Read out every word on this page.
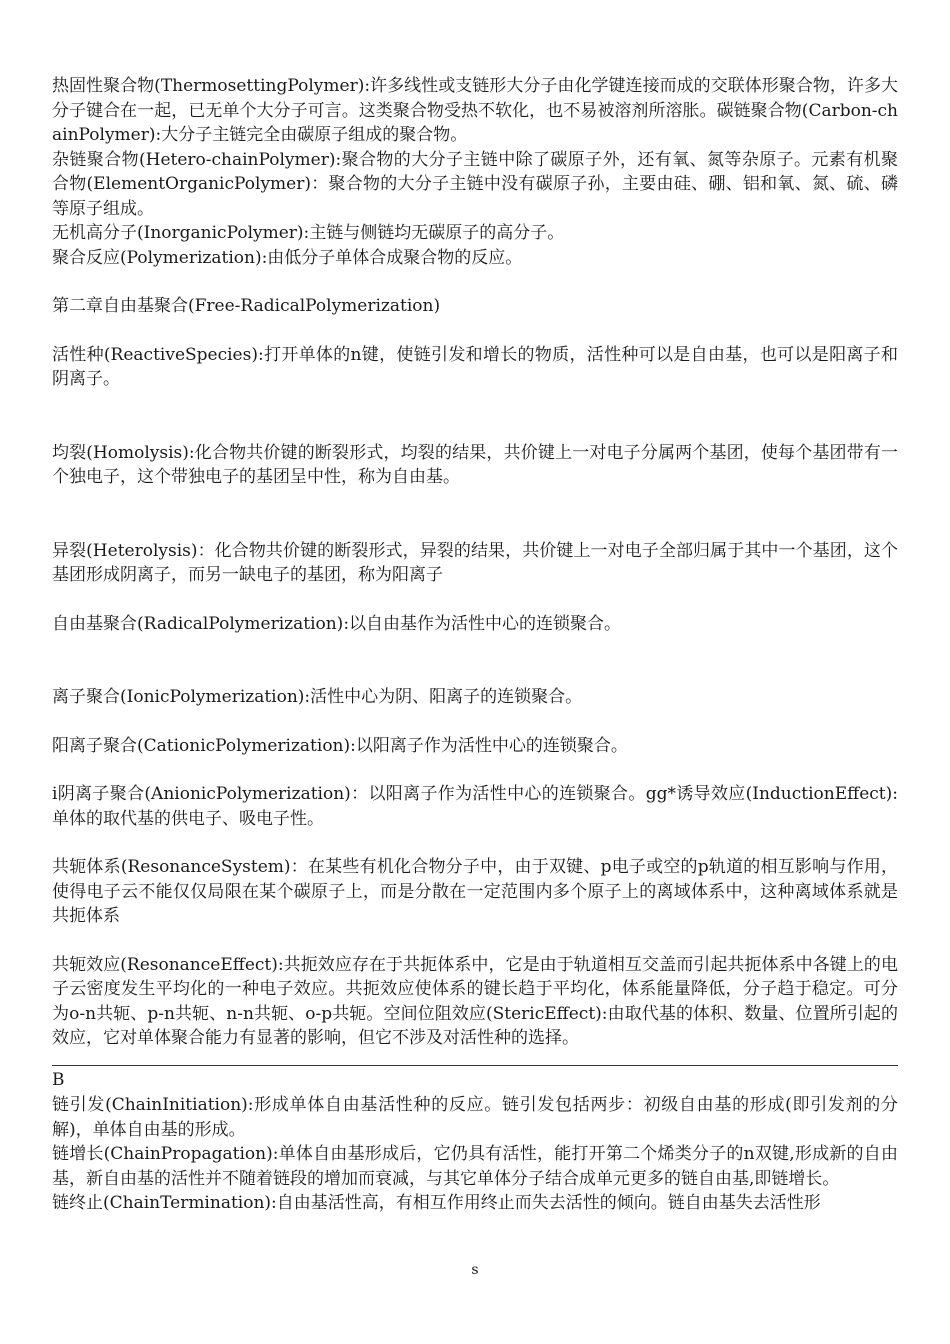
热固性聚合物(ThermosettingPolymer):许多线性或支链形大分子由化学键连接而成的交联体形聚合物，许多大分子键合在一起，已无单个大分子可言。这类聚合物受热不软化，也不易被溶剂所溶胀。碳链聚合物(Carbon-chainPolymer):大分子主链完全由碳原子组成的聚合物。

杂链聚合物(Hetero-chainPolymer):聚合物的大分子主链中除了碳原子外，还有氧、氮等杂原子。元素有机聚合物(ElementOrganicPolymer)：聚合物的大分子主链中没有碳原子孙，主要由硅、硼、铝和氧、氮、硫、磷等原子组成。

无机高分子(InorganicPolymer):主链与侧链均无碳原子的高分子。

聚合反应(Polymerization):由低分子单体合成聚合物的反应。

第二章自由基聚合(Free-RadicalPolymerization)

活性种(ReactiveSpecies):打开单体的n键，使链引发和增长的物质，活性种可以是自由基，也可以是阳离子和阴离子。

均裂(Homolysis):化合物共价键的断裂形式，均裂的结果，共价键上一对电子分属两个基团，使每个基团带有一个独电子，这个带独电子的基团呈中性，称为自由基。

异裂(Heterolysis)：化合物共价键的断裂形式，异裂的结果，共价键上一对电子全部归属于其中一个基团，这个基团形成阴离子，而另一缺电子的基团，称为阳离子

自由基聚合(RadicalPolymerization):以自由基作为活性中心的连锁聚合。

离子聚合(IonicPolymerization):活性中心为阴、阳离子的连锁聚合。

阳离子聚合(CationicPolymerization):以阳离子作为活性中心的连锁聚合。

i阴离子聚合(AnionicPolymerization)：以阳离子作为活性中心的连锁聚合。gg*诱导效应(InductionEffect):单体的取代基的供电子、吸电子性。

共轭体系(ResonanceSystem)：在某些有机化合物分子中，由于双键、p电子或空的p轨道的相互影响与作用，使得电子云不能仅仅局限在某个碳原子上，而是分散在一定范围内多个原子上的离域体系中，这种离域体系就是共扼体系

共轭效应(ResonanceEffect):共扼效应存在于共扼体系中，它是由于轨道相互交盖而引起共扼体系中各键上的电子云密度发生平均化的一种电子效应。共扼效应使体系的键长趋于平均化，体系能量降低，分子趋于稳定。可分为o-n共轭、p-n共轭、n-n共轭、o-p共轭。空间位阻效应(StericEffect):由取代基的体积、数量、位置所引起的效应，它对单体聚合能力有显著的影响，但它不涉及对活性种的选择。

B

链引发(ChainInitiation):形成单体自由基活性种的反应。链引发包括两步：初级自由基的形成(即引发剂的分解)，单体自由基的形成。

链增长(ChainPropagation):单体自由基形成后，它仍具有活性，能打开第二个烯类分子的n双键,形成新的自由基，新自由基的活性并不随着链段的增加而衰减，与其它单体分子结合成单元更多的链自由基,即链增长。

链终止(ChainTermination):自由基活性高，有相互作用终止而失去活性的倾向。链自由基失去活性形

s
